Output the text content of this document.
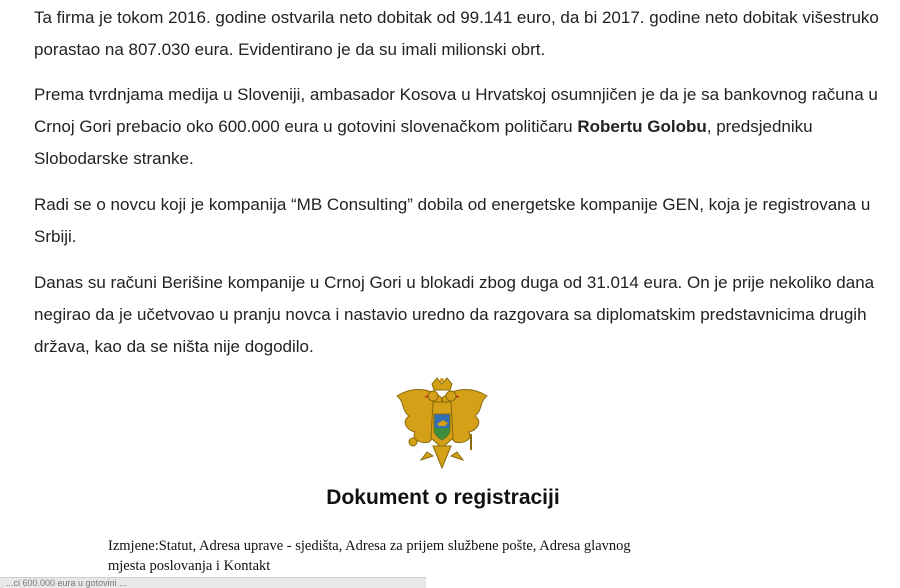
Ta firma je tokom 2016. godine ostvarila neto dobitak od 99.141 euro, da bi 2017. godine neto dobitak višestruko porastao na 807.030 eura. Evidentirano je da su imali milionski obrt.

Prema tvrdnjama medija u Sloveniji, ambasador Kosova u Hrvatskoj osumnjičen je da je sa bankovnog računa u Crnoj Gori prebacio oko 600.000 eura u gotovini slovenačkom političaru Robertu Golobu, predsjedniku Slobodarske stranke.

Radi se o novcu koji je kompanija “MB Consulting” dobila od energetske kompanije GEN, koja je registrovana u Srbiji.

Danas su računi Berišine kompanije u Crnoj Gori u blokadi zbog duga od 31.014 eura. On je prije nekoliko dana negirao da je učetvovao u pranju novca i nastavio uredno da razgovara sa diplomatskim predstavnicima drugih država, kao da se ništa nije dogodilo.

Dokument o registraciji
Izmjene:Statut, Adresa uprave - sjedišta, Adresa za prijem službene pošte, Adresa glavnog
mjesta poslovanja i Kontakt
...ci 600.000 eura u gotovini ...
